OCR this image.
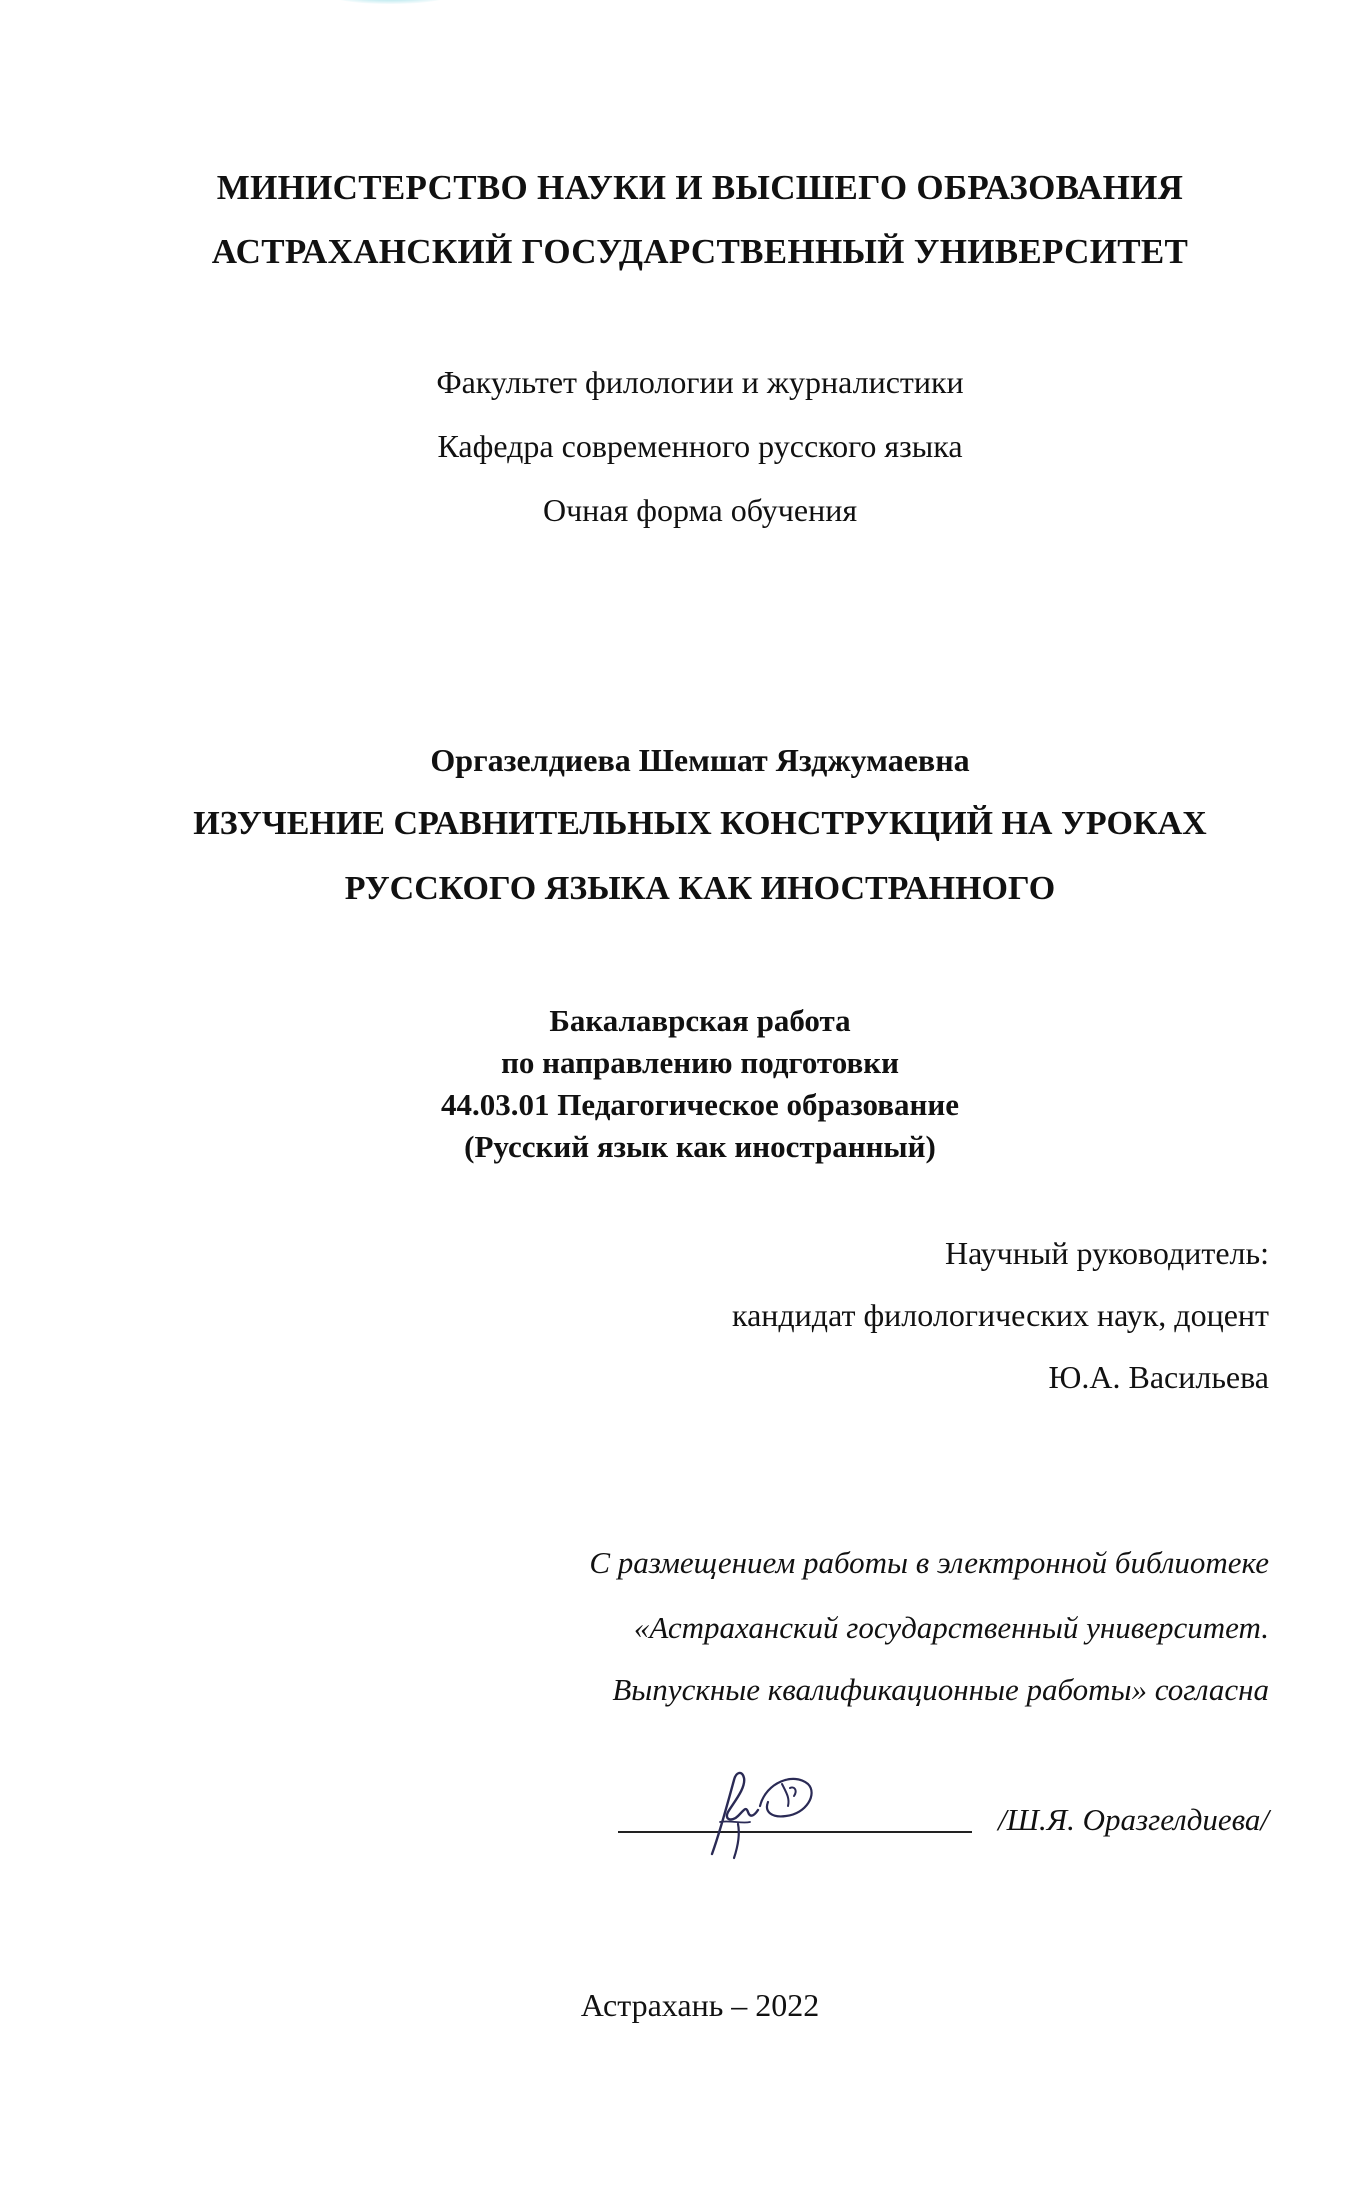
МИНИСТЕРСТВО НАУКИ И ВЫСШЕГО ОБРАЗОВАНИЯ
АСТРАХАНСКИЙ ГОСУДАРСТВЕННЫЙ УНИВЕРСИТЕТ
Факультет филологии и журналистики
Кафедра современного русского языка
Очная форма обучения
Оргазелдиева Шемшат Язджумаевна
ИЗУЧЕНИЕ СРАВНИТЕЛЬНЫХ КОНСТРУКЦИЙ НА УРОКАХ
РУССКОГО ЯЗЫКА КАК ИНОСТРАННОГО
Бакалаврская работа
по направлению подготовки
44.03.01 Педагогическое образование
(Русский язык как иностранный)
Научный руководитель:
кандидат филологических наук, доцент
Ю.А. Васильева
С размещением работы в электронной библиотеке
«Астраханский государственный университет.
Выпускные квалификационные работы» согласна
/Ш.Я. Оразгелдиева/
Астрахань – 2022
